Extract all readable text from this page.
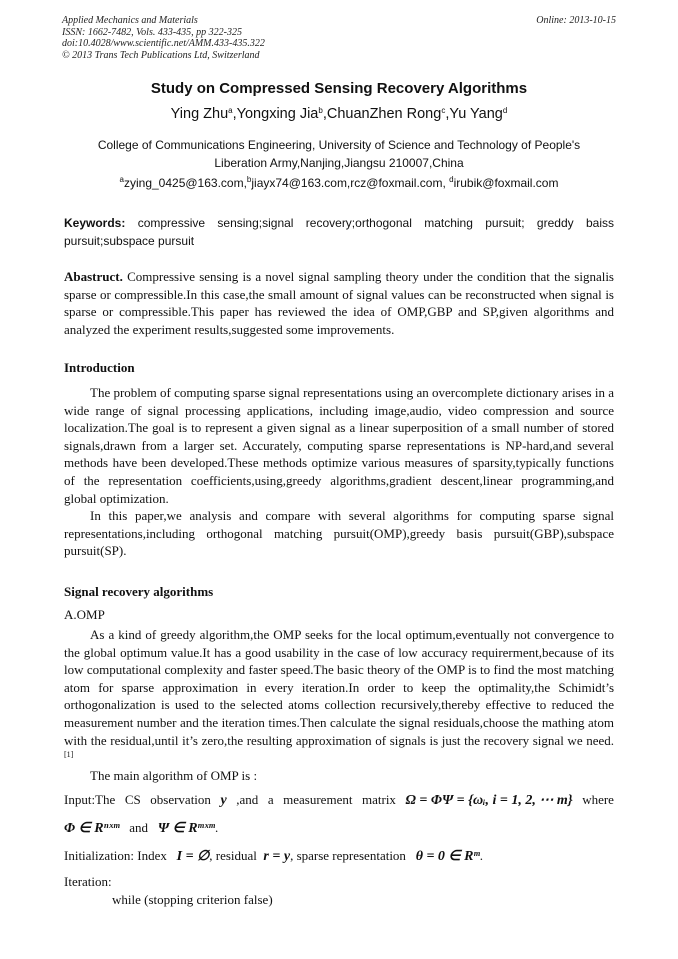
Applied Mechanics and Materials
ISSN: 1662-7482, Vols. 433-435, pp 322-325
doi:10.4028/www.scientific.net/AMM.433-435.322
© 2013 Trans Tech Publications Ltd, Switzerland
Online: 2013-10-15
Study on Compressed Sensing Recovery Algorithms
Ying Zhu$^a$,Yongxing Jia$^b$,ChuanZhen Rong$^c$,Yu Yang$^d$
College of Communications Engineering, University of Science and Technology of People's
Liberation Army,Nanjing,Jiangsu 210007,China
$^a$zying_0425@163.com,$^b$jiayx74@163.com,rcz@foxmail.com, $^d$irubik@foxmail.com
Keywords: compressive sensing;signal recovery;orthogonal matching pursuit; greddy baiss pursuit;subspace pursuit
Abastruct. Compressive sensing is a novel signal sampling theory under the condition that the signalis sparse or compressible.In this case,the small amount of signal values can be reconstructed when signal is sparse or compressible.This paper has reviewed the idea of OMP,GBP and SP,given algorithms and analyzed the experiment results,suggested some improvements.
Introduction

The problem of computing sparse signal representations using an overcomplete dictionary arises in a wide range of signal processing applications, including image,audio, video compression and source localization.The goal is to represent a given signal as a linear superposition of a small number of stored signals,drawn from a larger set. Accurately, computing sparse representations is NP-hard,and several methods have been developed.These methods optimize various measures of sparsity,typically functions of the representation coefficients,using,greedy algorithms,gradient descent,linear programming,and global optimization.

In this paper,we analysis and compare with several algorithms for computing sparse signal representations,including orthogonal matching pursuit(OMP),greedy basis pursuit(GBP),subspace pursuit(SP).

Signal recovery algorithms
A.OMP

As a kind of greedy algorithm,the OMP seeks for the local optimum,eventually not convergence to the global optimum value.It has a good usability in the case of low accuracy requirerment,because of its low computational complexity and faster speed.The basic theory of the OMP is to find the most matching atom for sparse approximation in every iteration.In order to keep the optimality,the Schimidt’s orthogonalization is used to the selected atoms collection recursively,thereby effective to reduced the measurement number and the iteration times.Then calculate the signal residuals,choose the mathing atom with the residual,until it’s zero,the resulting approximation of signals is just the recovery signal we need.[1]

The main algorithm of OMP is :

Input:The CS observation y ,and a measurement matrix Ω = ΦΨ = {ωᵢ, i = 1, 2, ⋯ m} where
Φ ∈ Rⁿˣᵐ and Ψ ∈ Rᵐˣᵐ.
Initialization: Index I = ∅, residual r = y, sparse representation θ = 0 ∈ Rᵐ.
Iteration:
while (stopping criterion false)
